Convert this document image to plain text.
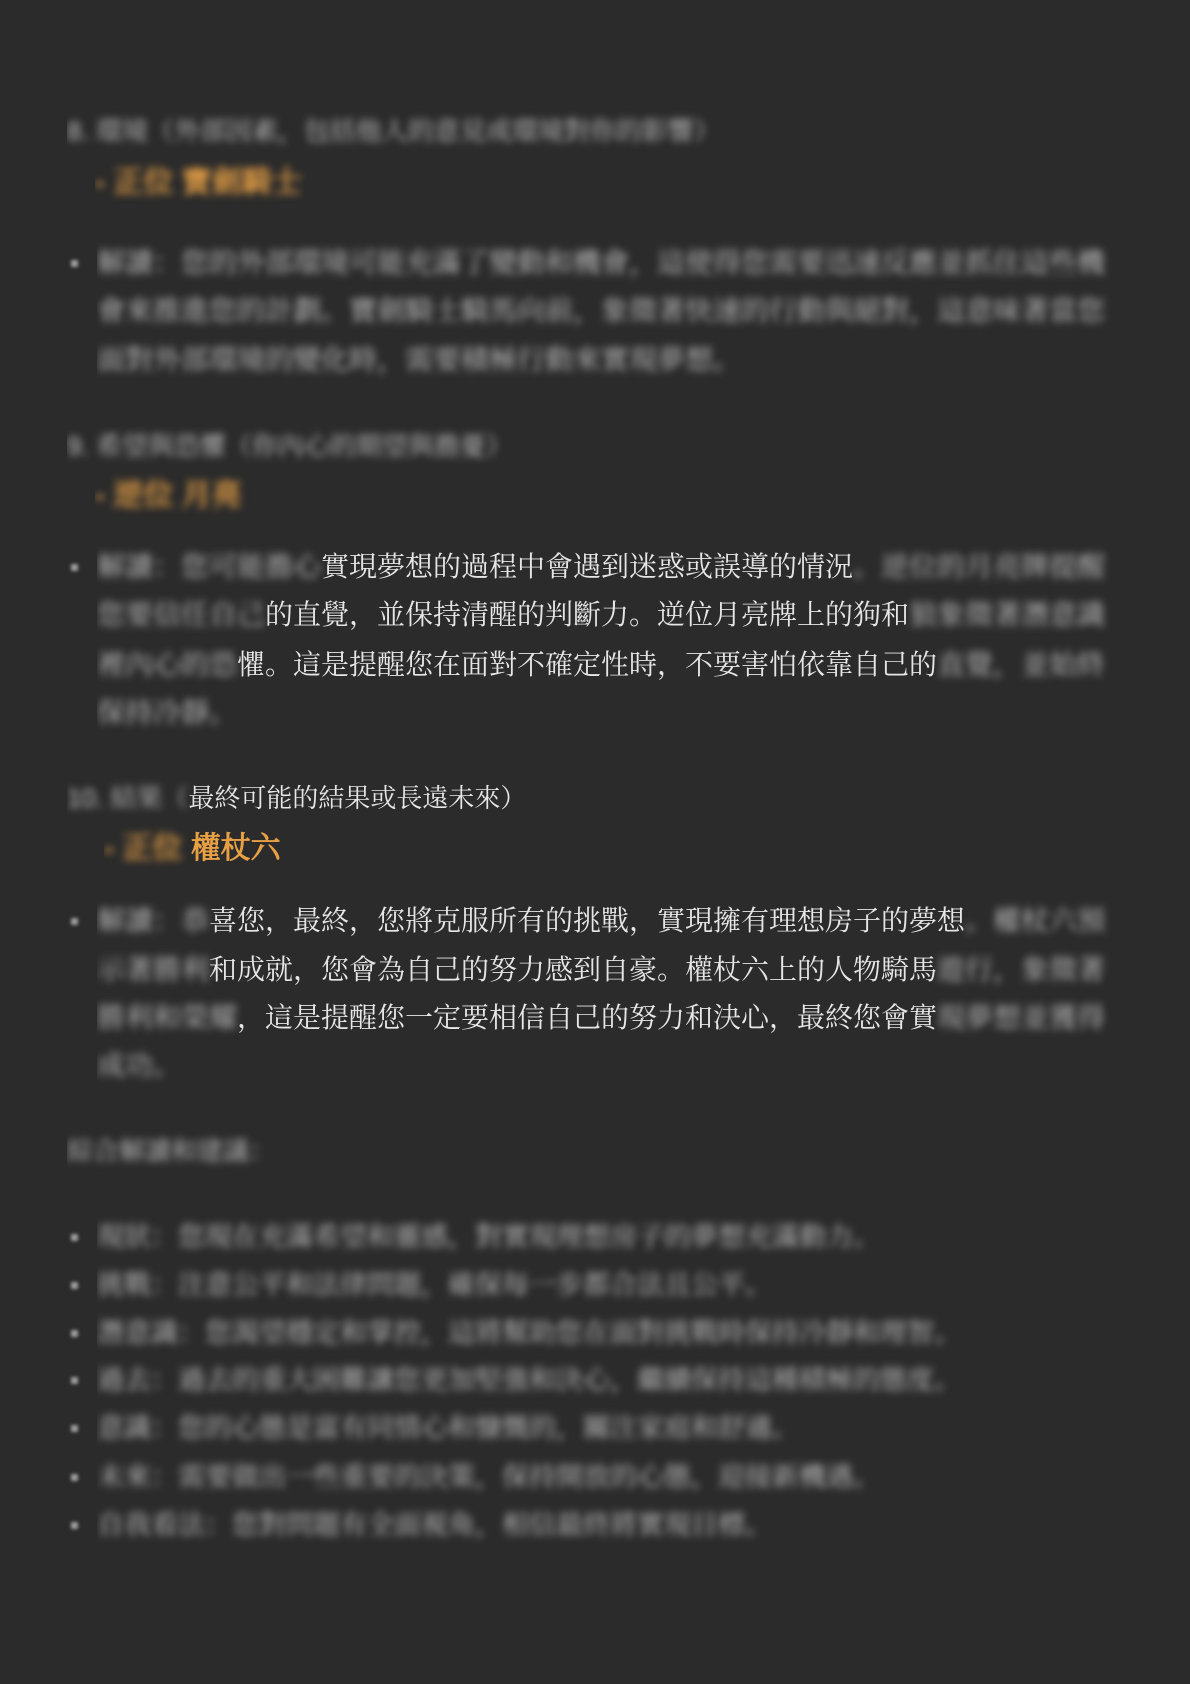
8. 環境（外部因素，包括他人的意見或環境對你的影響）
- 正位 寶劍騎士
解讀：您的外部環境可能充滿了變動和機會，這使得您需要迅速反應並抓住這些機
會來推進您的計劃。寶劍騎士騎馬向前，象徵著快速的行動與絕對，這意味著當您
面對外部環境的變化時，需要積極行動來實現夢想。
9. 希望與恐懼（你內心的期望與擔憂）
- 逆位 月亮
解讀：您可能擔心實現夢想的過程中會遇到迷惑或誤導的情況。逆位的月亮牌提醒
您要信任自己的直覺，並保持清醒的判斷力。逆位月亮牌上的狗和狼象徵著潛意識
裡內心的恐懼。這是提醒您在面對不確定性時，不要害怕依靠自己的直覺，並始終
保持冷靜。
10. 結果（最終可能的結果或長遠未來）
- 正位 權杖六
解讀：恭喜您，最終，您將克服所有的挑戰，實現擁有理想房子的夢想。權杖六預
示著勝利和成就，您會為自己的努力感到自豪。權杖六上的人物騎馬遊行，象徵著
勝利和榮耀，這是提醒您一定要相信自己的努力和決心，最終您會實現夢想並獲得
成功。
綜合解讀和建議：
現狀：您現在充滿希望和靈感，對實現理想房子的夢想充滿動力。
挑戰：注意公平和法律問題，確保每一步都合法且公平。
潛意識：您渴望穩定和掌控，這將幫助您在面對挑戰時保持冷靜和理智。
過去：過去的重大困難讓您更加堅強和決心，繼續保持這種積極的態度。
意識：您的心態是富有同情心和慷慨的，關注家庭和舒適。
未來：需要做出一些重要的決策，保持開放的心態，迎接新機遇。
自我看法：您對問題有全面視角，相信最終將實現目標。
